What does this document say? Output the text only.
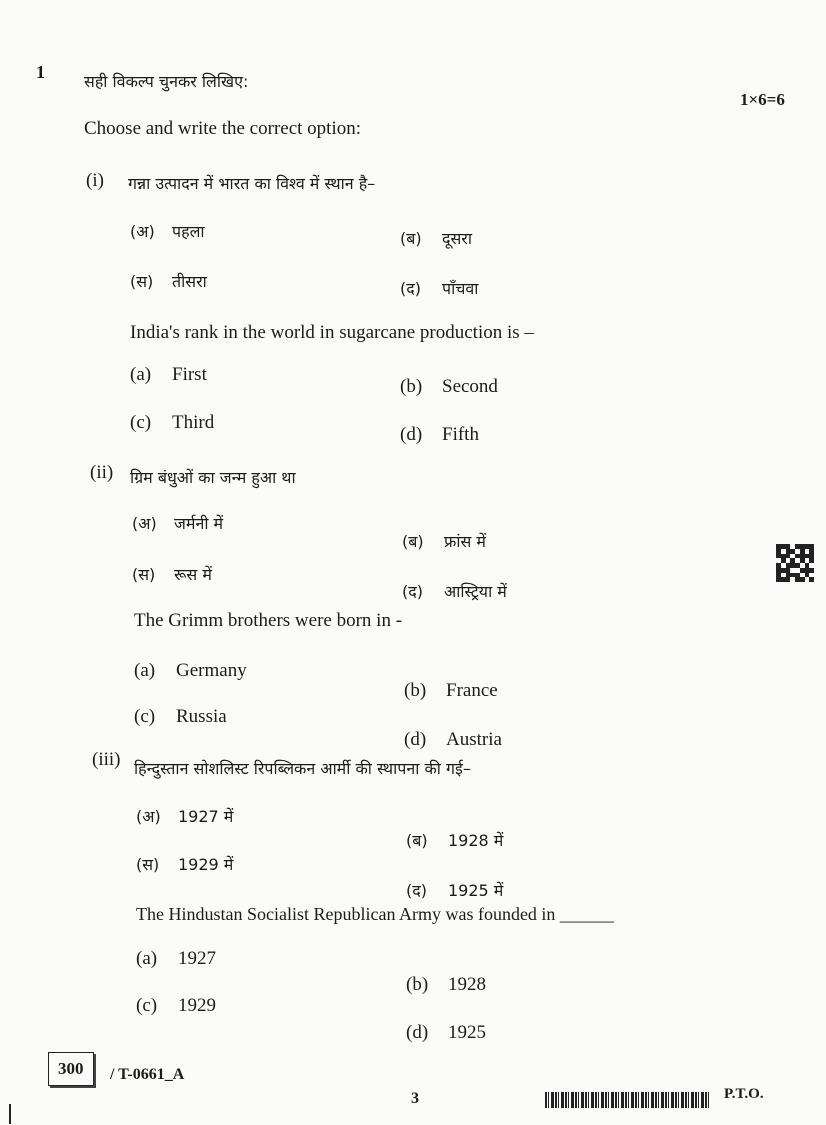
1 सही विकल्प चुनकर लिखिए:
1×6=6
Choose and write the correct option:
(i) गन्ना उत्पादन में भारत का विश्व में स्थान है–
(अ) पहला	(ब) दूसरा
(स) तीसरा	(द) पाँचवा
India's rank in the world in sugarcane production is –
(a) First
(b) Second
(c) Third
(d) Fifth
(ii) ग्रिम बंधुओं का जन्म हुआ था
(अ) जर्मनी में
(ब) फ्रांस में
(स) रूस में
(द) आस्ट्रिया में
The Grimm brothers were born in -
(a) Germany
(b) France
(c) Russia
(d) Austria
(iii) हिन्दुस्तान सोशलिस्ट रिपब्लिकन आर्मी की स्थापना की गई–
(अ) 1927 में
(ब) 1928 में
(स) 1929 में
(द) 1925 में
The Hindustan Socialist Republican Army was founded in ______
(a) 1927
(b) 1928
(c) 1929
(d) 1925
300	/ T-0661_A
3	P.T.O.
